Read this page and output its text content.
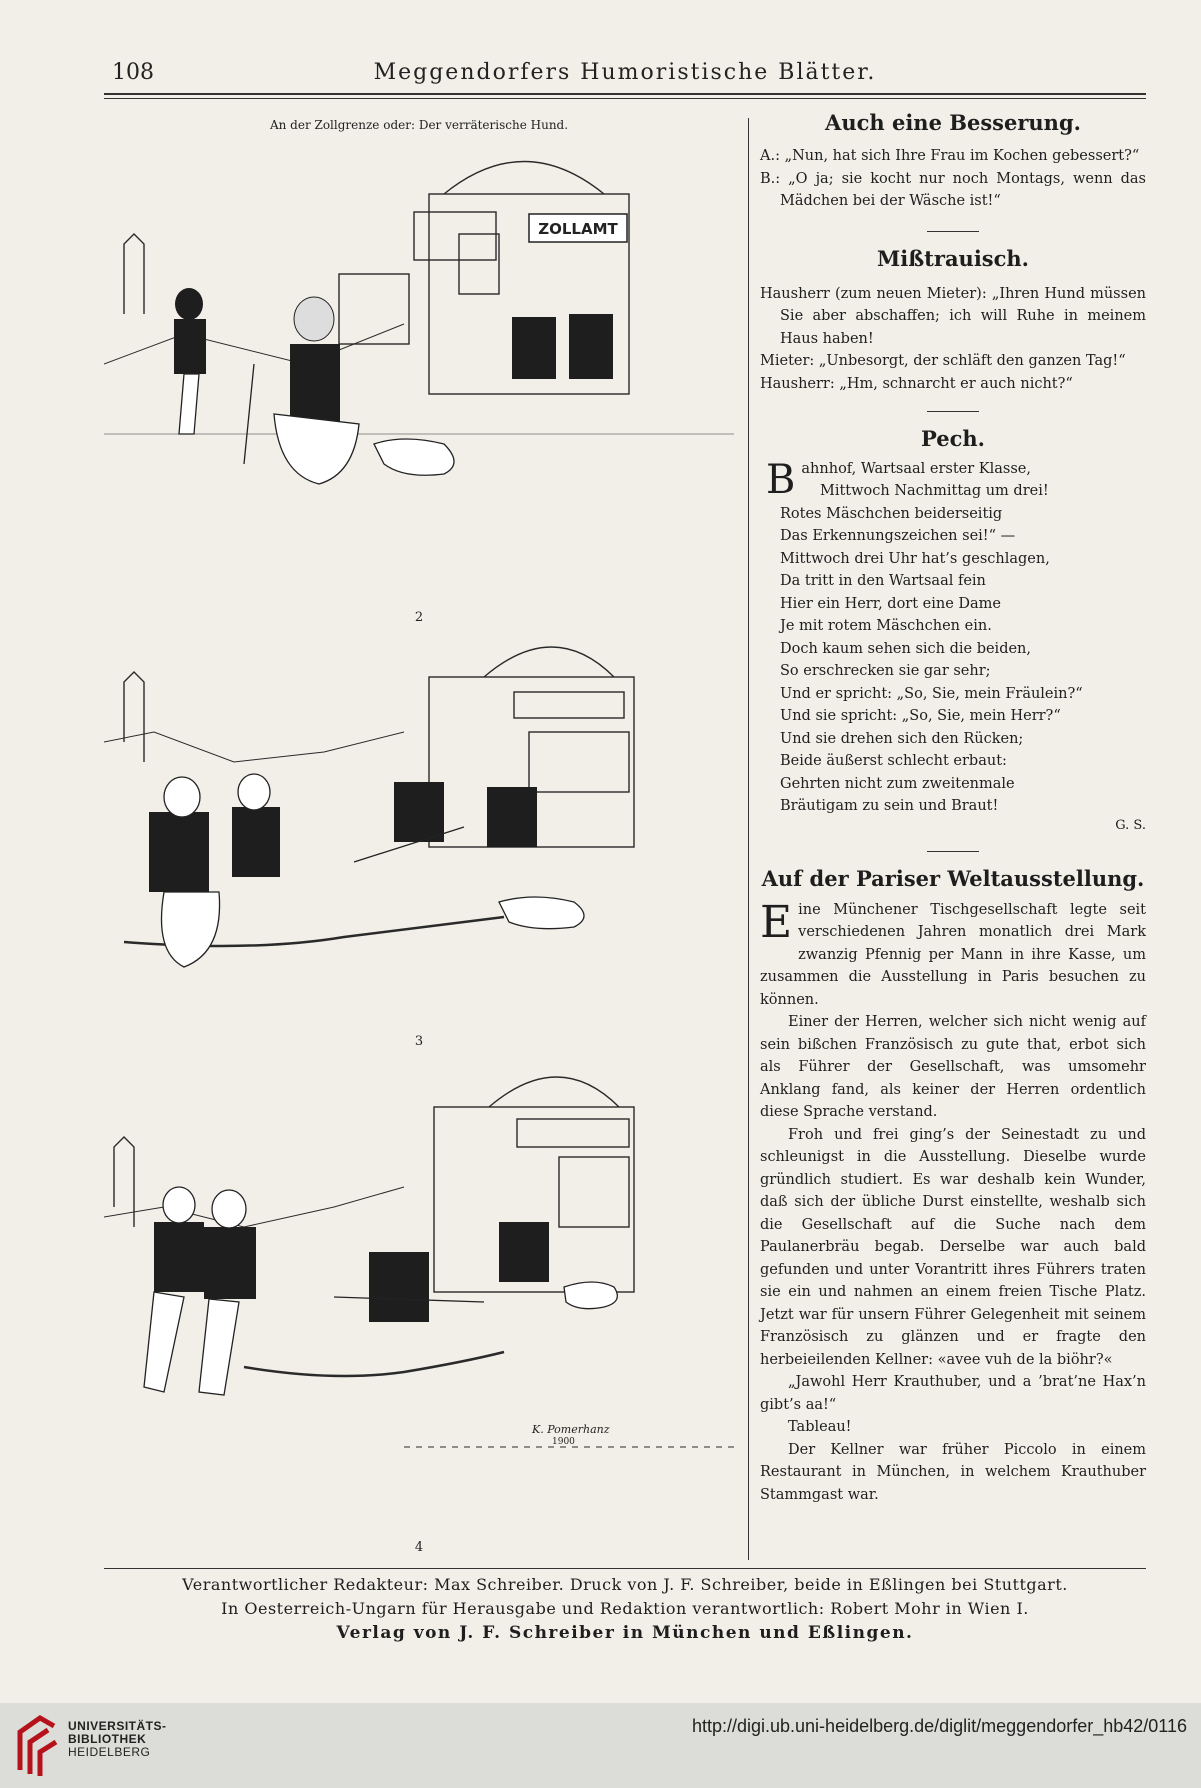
108	Meggendorfers Humoristische Blätter.
An der Zollgrenze oder: Der verräterische Hund.
ZOLLAMT
2
3
K. Pomerhanz
1900
4
Auch eine Besserung.

A.: „Nun, hat sich Ihre Frau im Kochen gebessert?“

B.: „O ja; sie kocht nur noch Montags, wenn das Mädchen bei der Wäsche ist!“

Mißtrauisch.

Hausherr (zum neuen Mieter): „Ihren Hund müssen Sie aber abschaffen; ich will Ruhe in meinem Haus haben!

Mieter: „Unbesorgt, der schläft den ganzen Tag!“

Hausherr: „Hm, schnarcht er auch nicht?“

Pech.

Bahnhof, Wartsaal erster Klasse,

Mittwoch Nachmittag um drei!

Rotes Mäschchen beiderseitig

Das Erkennungszeichen sei!“ —

Mittwoch drei Uhr hat’s geschlagen,

Da tritt in den Wartsaal fein

Hier ein Herr, dort eine Dame

Je mit rotem Mäschchen ein.

Doch kaum sehen sich die beiden,

So erschrecken sie gar sehr;

Und er spricht: „So, Sie, mein Fräulein?“

Und sie spricht: „So, Sie, mein Herr?“

Und sie drehen sich den Rücken;

Beide äußerst schlecht erbaut:

Gehrten nicht zum zweitenmale

Bräutigam zu sein und Braut!

G. S.

Auf der Pariser Weltausstellung.

Eine Münchener Tischgesellschaft legte seit verschiedenen Jahren monatlich drei Mark zwanzig Pfennig per Mann in ihre Kasse, um zusammen die Ausstellung in Paris besuchen zu können.

Einer der Herren, welcher sich nicht wenig auf sein bißchen Französisch zu gute that, erbot sich als Führer der Gesellschaft, was umsomehr Anklang fand, als keiner der Herren ordentlich diese Sprache verstand.

Froh und frei ging’s der Seinestadt zu und schleunigst in die Ausstellung. Dieselbe wurde gründlich studiert. Es war deshalb kein Wunder, daß sich der übliche Durst einstellte, weshalb sich die Gesellschaft auf die Suche nach dem Paulanerbräu begab. Derselbe war auch bald gefunden und unter Vorantritt ihres Führers traten sie ein und nahmen an einem freien Tische Platz. Jetzt war für unsern Führer Gelegenheit mit seinem Französisch zu glänzen und er fragte den herbeieilenden Kellner: «avee vuh de la biöhr?«

„Jawohl Herr Krauthuber, und a ’brat’ne Hax’n gibt’s aa!“

Tableau!

Der Kellner war früher Piccolo in einem Restaurant in München, in welchem Krauthuber Stammgast war.

Verantwortlicher Redakteur: Max Schreiber. Druck von J. F. Schreiber, beide in Eßlingen bei Stuttgart.

In Oesterreich-Ungarn für Herausgabe und Redaktion verantwortlich: Robert Mohr in Wien I.

Verlag von J. F. Schreiber in München und Eßlingen.

UNIVERSITÄTS-
BIBLIOTHEK
HEIDELBERG
http://digi.ub.uni-heidelberg.de/diglit/meggendorfer_hb42/0116
